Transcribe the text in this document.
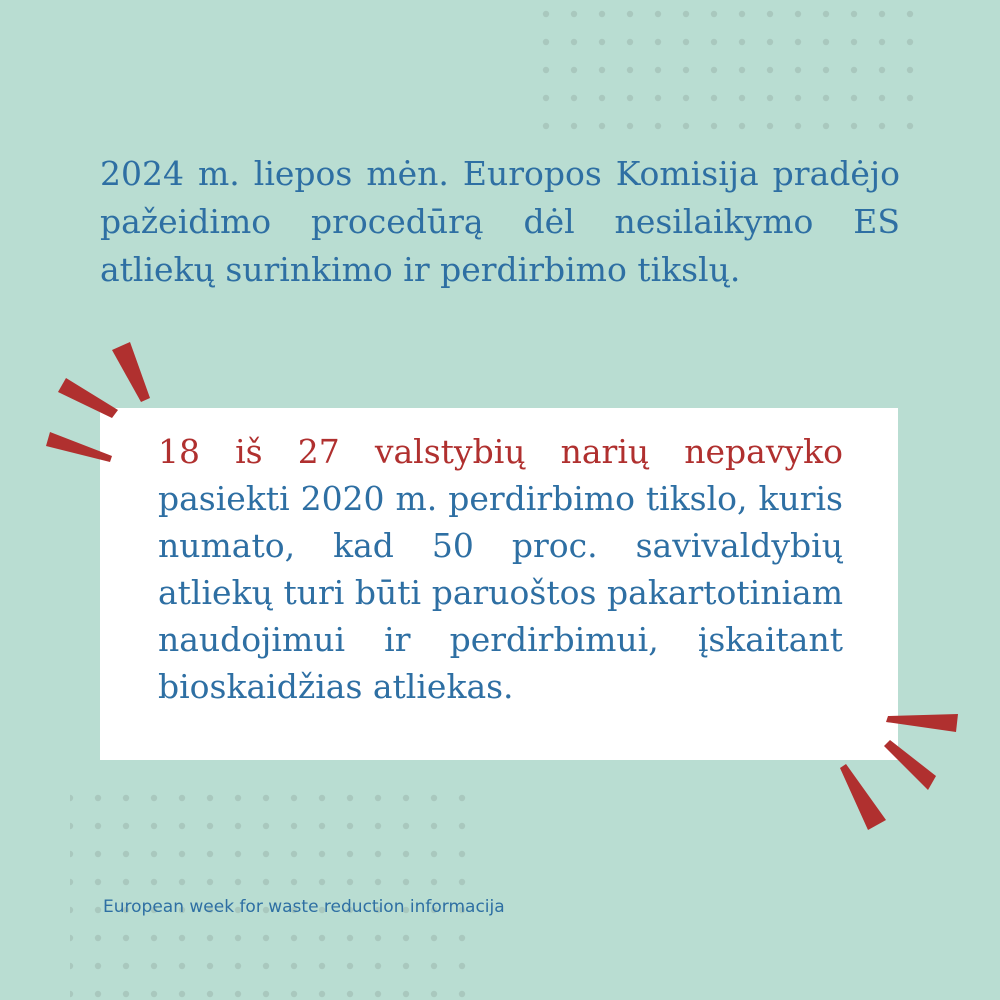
2024 m. liepos mėn. Europos Komisija pradėjo pažeidimo procedūrą dėl nesilaikymo ES atliekų surinkimo ir perdirbimo tikslų.

18 iš 27 valstybių narių nepavyko pasiekti 2020 m. perdirbimo tikslo, kuris numato, kad 50 proc. savivaldybių atliekų turi būti paruoštos pakartotiniam naudojimui ir perdirbimui, įskaitant bioskaidžias atliekas.

European week for waste reduction informacija
